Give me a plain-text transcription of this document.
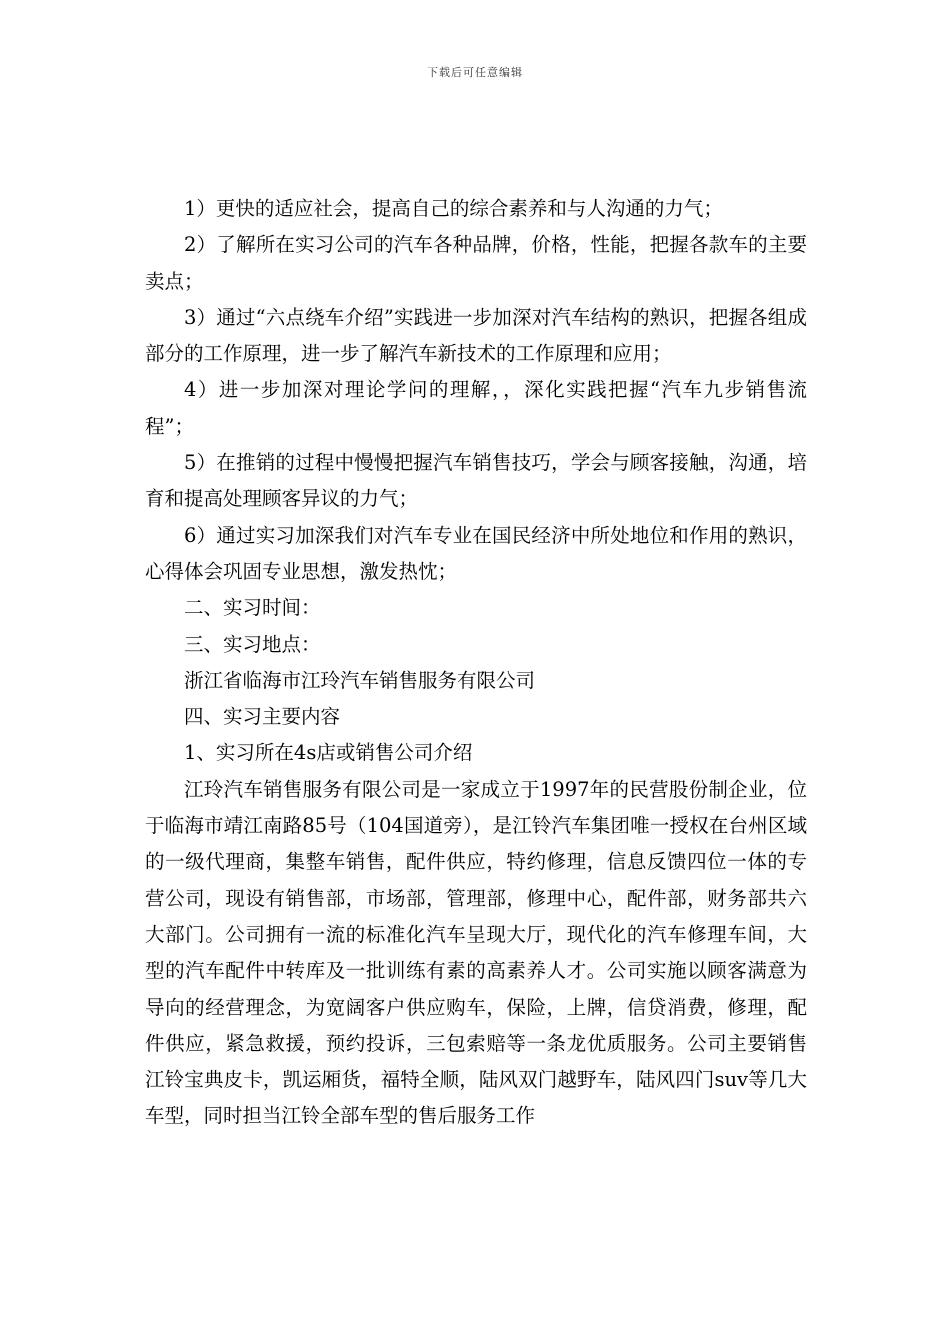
下载后可任意编辑

1）更快的适应社会，提高自己的综合素养和与人沟通的力气；

2）了解所在实习公司的汽车各种品牌，价格，性能，把握各款车的主要卖点；

3）通过“六点绕车介绍”实践进一步加深对汽车结构的熟识，把握各组成部分的工作原理，进一步了解汽车新技术的工作原理和应用；

4）进一步加深对理论学问的理解，，深化实践把握“汽车九步销售流程”；

5）在推销的过程中慢慢把握汽车销售技巧，学会与顾客接触，沟通，培育和提高处理顾客异议的力气；

6）通过实习加深我们对汽车专业在国民经济中所处地位和作用的熟识，心得体会巩固专业思想，激发热忱；

二、实习时间：

三、实习地点：

浙江省临海市江玲汽车销售服务有限公司

四、实习主要内容

1、实习所在4s店或销售公司介绍

江玲汽车销售服务有限公司是一家成立于1997年的民营股份制企业，位于临海市靖江南路85号（104国道旁），是江铃汽车集团唯一授权在台州区域的一级代理商，集整车销售，配件供应，特约修理，信息反馈四位一体的专营公司，现设有销售部，市场部，管理部，修理中心，配件部，财务部共六大部门。公司拥有一流的标准化汽车呈现大厅，现代化的汽车修理车间，大型的汽车配件中转库及一批训练有素的高素养人才。公司实施以顾客满意为导向的经营理念，为宽阔客户供应购车，保险，上牌，信贷消费，修理，配件供应，紧急救援，预约投诉，三包索赔等一条龙优质服务。公司主要销售江铃宝典皮卡，凯运厢货，福特全顺，陆风双门越野车，陆风四门suv等几大车型，同时担当江铃全部车型的售后服务工作
